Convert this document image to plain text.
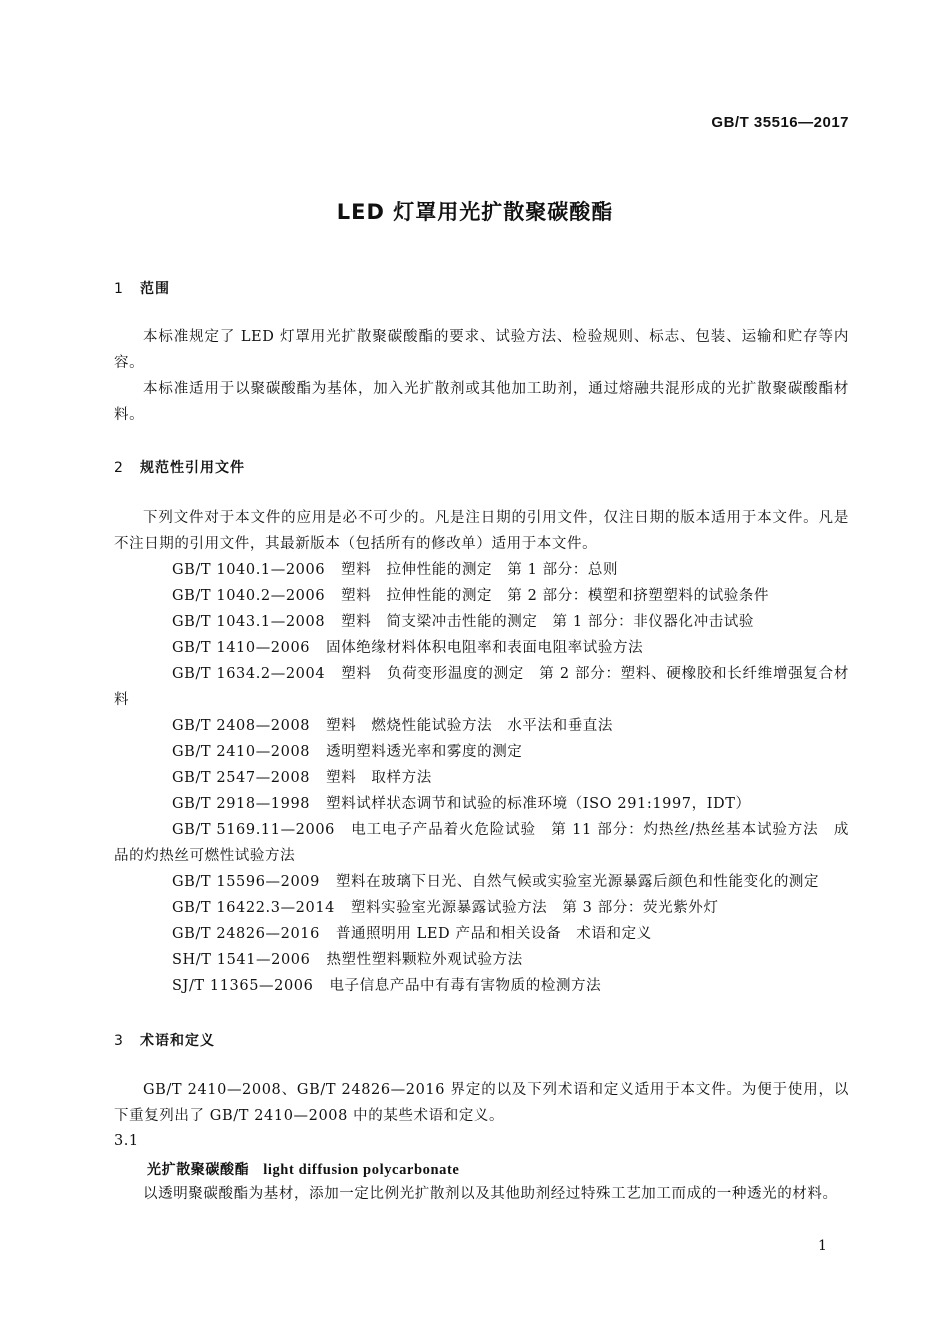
GB/T 35516—2017
LED 灯罩用光扩散聚碳酸酯
1 范围
本标准规定了 LED 灯罩用光扩散聚碳酸酯的要求、试验方法、检验规则、标志、包装、运输和贮存等内容。
本标准适用于以聚碳酸酯为基体，加入光扩散剂或其他加工助剂，通过熔融共混形成的光扩散聚碳酸酯材料。
2 规范性引用文件
下列文件对于本文件的应用是必不可少的。凡是注日期的引用文件，仅注日期的版本适用于本文件。凡是不注日期的引用文件，其最新版本（包括所有的修改单）适用于本文件。
GB/T 1040.1—2006 塑料　拉伸性能的测定　第 1 部分：总则
GB/T 1040.2—2006 塑料　拉伸性能的测定　第 2 部分：模塑和挤塑塑料的试验条件
GB/T 1043.1—2008 塑料　简支梁冲击性能的测定　第 1 部分：非仪器化冲击试验
GB/T 1410—2006 固体绝缘材料体积电阻率和表面电阻率试验方法
GB/T 1634.2—2004 塑料　负荷变形温度的测定　第 2 部分：塑料、硬橡胶和长纤维增强复合材料
GB/T 2408—2008 塑料　燃烧性能试验方法　水平法和垂直法
GB/T 2410—2008 透明塑料透光率和雾度的测定
GB/T 2547—2008 塑料　取样方法
GB/T 2918—1998 塑料试样状态调节和试验的标准环境（ISO 291:1997，IDT）
GB/T 5169.11—2006 电工电子产品着火危险试验　第 11 部分：灼热丝/热丝基本试验方法　成品的灼热丝可燃性试验方法
GB/T 15596—2009 塑料在玻璃下日光、自然气候或实验室光源暴露后颜色和性能变化的测定
GB/T 16422.3—2014 塑料实验室光源暴露试验方法　第 3 部分：荧光紫外灯
GB/T 24826—2016 普通照明用 LED 产品和相关设备　术语和定义
SH/T 1541—2006 热塑性塑料颗粒外观试验方法
SJ/T 11365—2006 电子信息产品中有毒有害物质的检测方法
3 术语和定义
GB/T 2410—2008、GB/T 24826—2016 界定的以及下列术语和定义适用于本文件。为便于使用，以下重复列出了 GB/T 2410—2008 中的某些术语和定义。
3.1
光扩散聚碳酸酯 light diffusion polycarbonate
以透明聚碳酸酯为基材，添加一定比例光扩散剂以及其他助剂经过特殊工艺加工而成的一种透光的材料。
1
